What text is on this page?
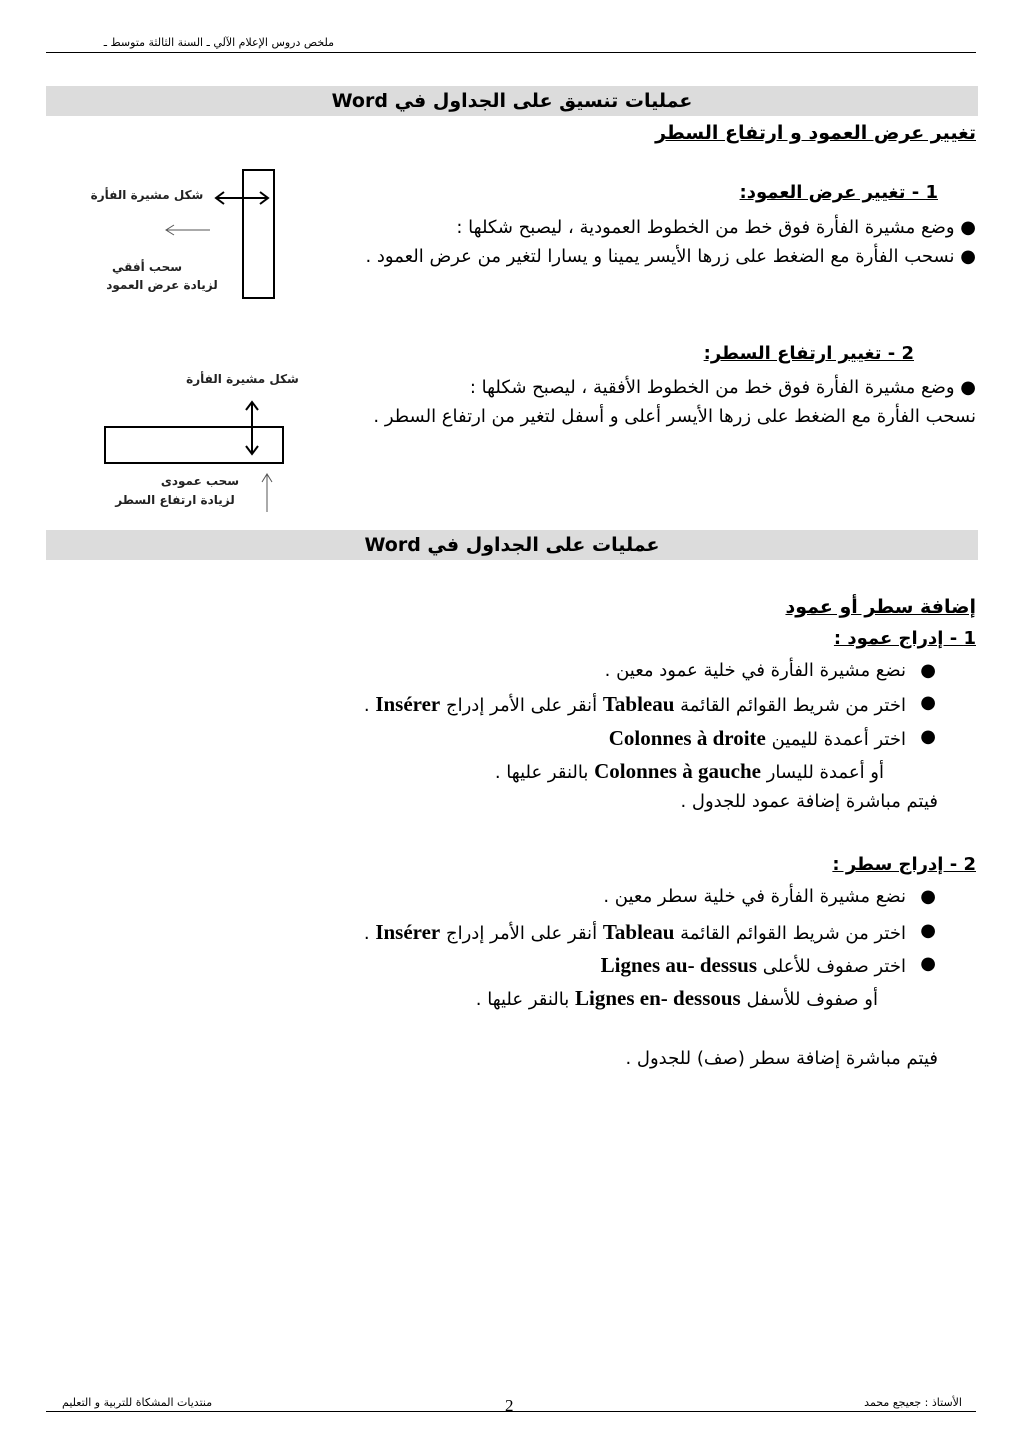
ملخص دروس الإعلام الآلي ـ السنة الثالثة متوسط ـ
عمليات تنسيق على الجداول في Word
تغيير عرض العمود و ارتفاع السطر
1 - تغيير عرض العمود:

● وضع مشيرة الفأرة فوق خط من الخطوط العمودية ، ليصبح شكلها :

● نسحب الفأرة مع الضغط على زرها الأيسر يمينا و يسارا لتغير من عرض العمود .

شكل مشيرة الفأرة
سحب أفقي
لزيادة عرض العمود
2 - تغيير ارتفاع السطر:

● وضع مشيرة الفأرة فوق خط من الخطوط الأفقية ، ليصبح شكلها :

نسحب الفأرة مع الضغط على زرها الأيسر أعلى و أسفل لتغير من ارتفاع السطر .

شكل مشيرة الفأرة
سحب عمودى
لزيادة ارتفاع السطر
عمليات على الجداول في Word
إضافة سطر أو عمود
1 - إدراج عمود :
●
نضع مشيرة الفأرة في خلية عمود معين .
●
اختر من شريط القوائم القائمة Tableau أنقر على الأمر إدراج Insérer .
●
اختر أعمدة لليمين Colonnes à droite
أو أعمدة لليسار Colonnes à gauche بالنقر عليها .
فيتم مباشرة إضافة عمود للجدول .
2 - إدراج سطر :
●
نضع مشيرة الفأرة في خلية سطر معين .
●
اختر من شريط القوائم القائمة Tableau أنقر على الأمر إدراج Insérer .
●
اختر صفوف للأعلى Lignes au- dessus
أو صفوف للأسفل Lignes en- dessous بالنقر عليها .
فيتم مباشرة إضافة سطر (صف) للجدول .
الأستاذ : جعيجع محمد
2
منتديات المشكاة للتربية و التعليم
